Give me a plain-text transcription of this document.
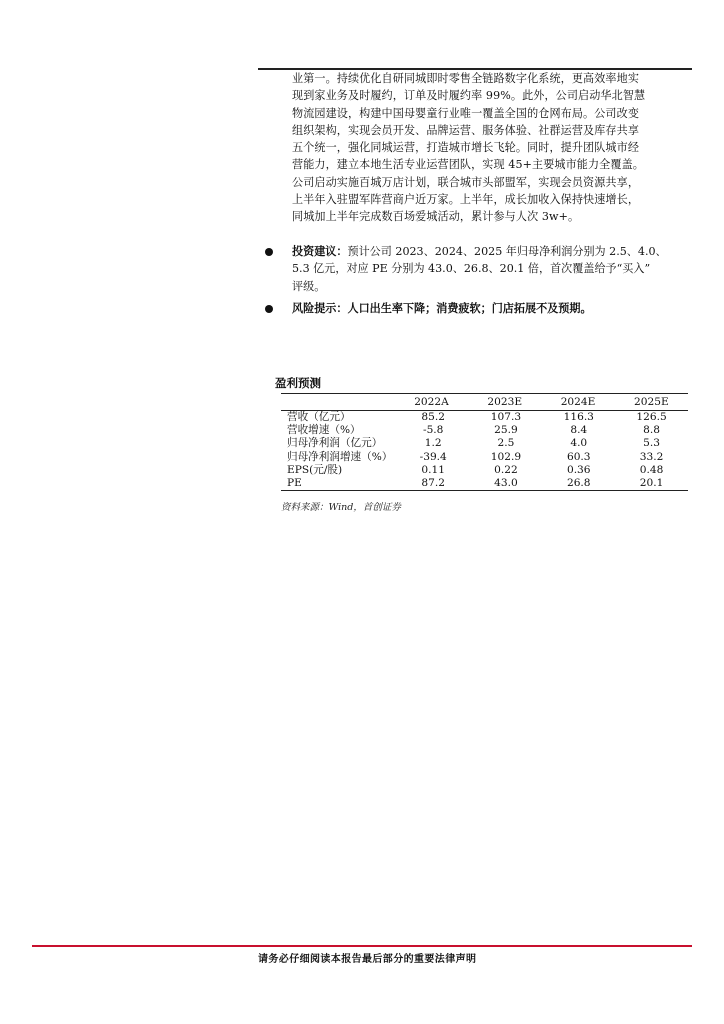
业第一。持续优化自研同城即时零售全链路数字化系统，更高效率地实
现到家业务及时履约，订单及时履约率 99%。此外，公司启动华北智慧
物流园建设，构建中国母婴童行业唯一覆盖全国的仓网布局。公司改变
组织架构，实现会员开发、品牌运营、服务体验、社群运营及库存共享
五个统一，强化同城运营，打造城市增长飞轮。同时，提升团队城市经
营能力，建立本地生活专业运营团队，实现 45+主要城市能力全覆盖。
公司启动实施百城万店计划，联合城市头部盟军，实现会员资源共享，
上半年入驻盟军阵营商户近万家。上半年，成长加收入保持快速增长，
同城加上半年完成数百场爱城活动，累计参与人次 3w+。

投资建议：预计公司 2023、2024、2025 年归母净利润分别为 2.5、4.0、
5.3 亿元，对应 PE 分别为 43.0、26.8、20.1 倍，首次覆盖给予“买入”
评级。
风险提示：人口出生率下降；消费疲软；门店拓展不及预期。
盈利预测
	2022A	2023E	2024E	2025E
营收（亿元）	85.2	107.3	116.3	126.5
营收增速（%）	-5.8	25.9	8.4	8.8
归母净利润（亿元）	1.2	2.5	4.0	5.3
归母净利润增速（%）	-39.4	102.9	60.3	33.2
EPS(元/股)	0.11	0.22	0.36	0.48
PE	87.2	43.0	26.8	20.1
资料来源：Wind，首创证券
请务必仔细阅读本报告最后部分的重要法律声明
